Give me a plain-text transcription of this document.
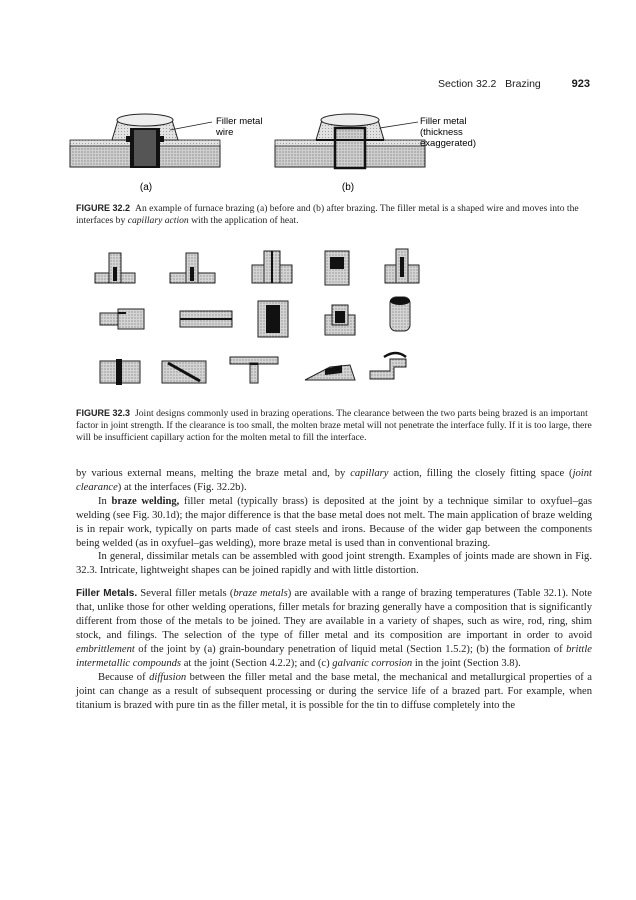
Section 32.2 Brazing	923
Filler metal wire
(a)
Filler metal (thickness exaggerated)
(b)
FIGURE 32.2 An example of furnace brazing (a) before and (b) after brazing. The filler metal is a shaped wire and moves into the interfaces by capillary action with the application of heat.
FIGURE 32.3 Joint designs commonly used in brazing operations. The clearance between the two parts being brazed is an important factor in joint strength. If the clearance is too small, the molten braze metal will not penetrate the interface fully. If it is too large, there will be insufficient capillary action for the molten metal to fill the interface.

by various external means, melting the braze metal and, by capillary action, filling the closely fitting space (joint clearance) at the interfaces (Fig. 32.2b).

In braze welding, filler metal (typically brass) is deposited at the joint by a technique similar to oxyfuel–gas welding (see Fig. 30.1d); the major difference is that the base metal does not melt. The main application of braze welding is in repair work, typically on parts made of cast steels and irons. Because of the wider gap between the components being welded (as in oxyfuel–gas welding), more braze metal is used than in conventional brazing.

In general, dissimilar metals can be assembled with good joint strength. Examples of joints made are shown in Fig. 32.3. Intricate, lightweight shapes can be joined rapidly and with little distortion.

Filler Metals. Several filler metals (braze metals) are available with a range of brazing temperatures (Table 32.1). Note that, unlike those for other welding operations, filler metals for brazing generally have a composition that is significantly different from those of the metals to be joined. They are available in a variety of shapes, such as wire, rod, ring, shim stock, and filings. The selection of the type of filler metal and its composition are important in order to avoid embrittlement of the joint by (a) grain-boundary penetration of liquid metal (Section 1.5.2); (b) the formation of brittle intermetallic compounds at the joint (Section 4.2.2); and (c) galvanic corrosion in the joint (Section 3.8).

Because of diffusion between the filler metal and the base metal, the mechanical and metallurgical properties of a joint can change as a result of subsequent processing or during the service life of a brazed part. For example, when titanium is brazed with pure tin as the filler metal, it is possible for the tin to diffuse completely into the
